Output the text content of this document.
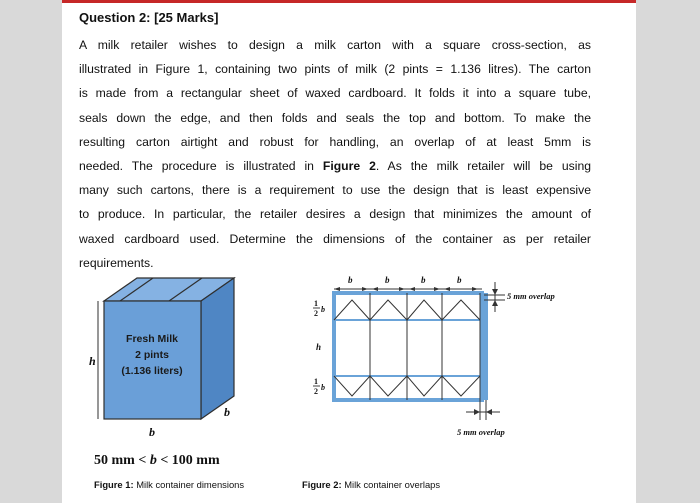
Question 2: [25 Marks]
A milk retailer wishes to design a milk carton with a square cross-section, as
illustrated in Figure 1, containing two pints of milk (2 pints = 1.136 litres). The carton
is made from a rectangular sheet of waxed cardboard. It folds it into a square tube,
seals down the edge, and then folds and seals the top and bottom. To make the
resulting carton airtight and robust for handling, an overlap of at least 5mm is
needed. The procedure is illustrated in Figure 2. As the milk retailer will be using
many such cartons, there is a requirement to use the design that is least expensive
to produce. In particular, the retailer desires a design that minimizes the amount of
waxed cardboard used. Determine the dimensions of the container as per retailer
requirements.
Fresh Milk
2 pints
(1.136 liters)
h
b
b
50 mm < b < 100 mm
Figure 1: Milk container dimensions
b	b	b	b
1
2 b
h
1
2 b
5 mm overlap
5 mm overlap
Figure 2: Milk container overlaps
